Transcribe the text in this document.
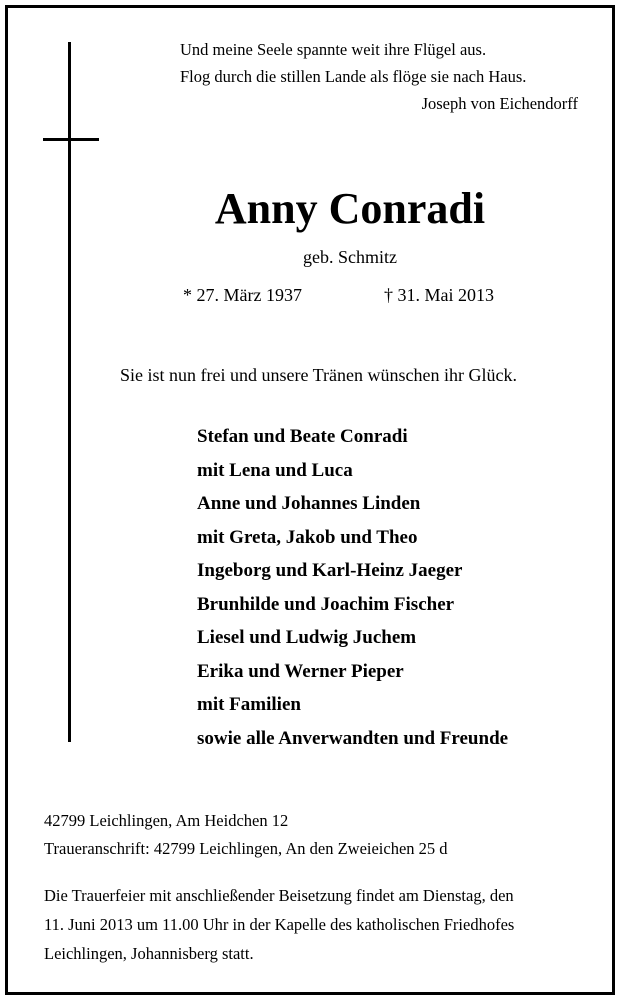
Und meine Seele spannte weit ihre Flügel aus.
Flog durch die stillen Lande als flöge sie nach Haus.
Joseph von Eichendorff
Anny Conradi
geb. Schmitz
* 27. März 1937	† 31. Mai 2013
Sie ist nun frei und unsere Tränen wünschen ihr Glück.
Stefan und Beate Conradi
mit Lena und Luca
Anne und Johannes Linden
mit Greta, Jakob und Theo
Ingeborg und Karl-Heinz Jaeger
Brunhilde und Joachim Fischer
Liesel und Ludwig Juchem
Erika und Werner Pieper
mit Familien
sowie alle Anverwandten und Freunde
42799 Leichlingen, Am Heidchen 12
Traueranschrift: 42799 Leichlingen, An den Zweieichen 25 d
Die Trauerfeier mit anschließender Beisetzung findet am Dienstag, den
11. Juni 2013 um 11.00 Uhr in der Kapelle des katholischen Friedhofes
Leichlingen, Johannisberg statt.
